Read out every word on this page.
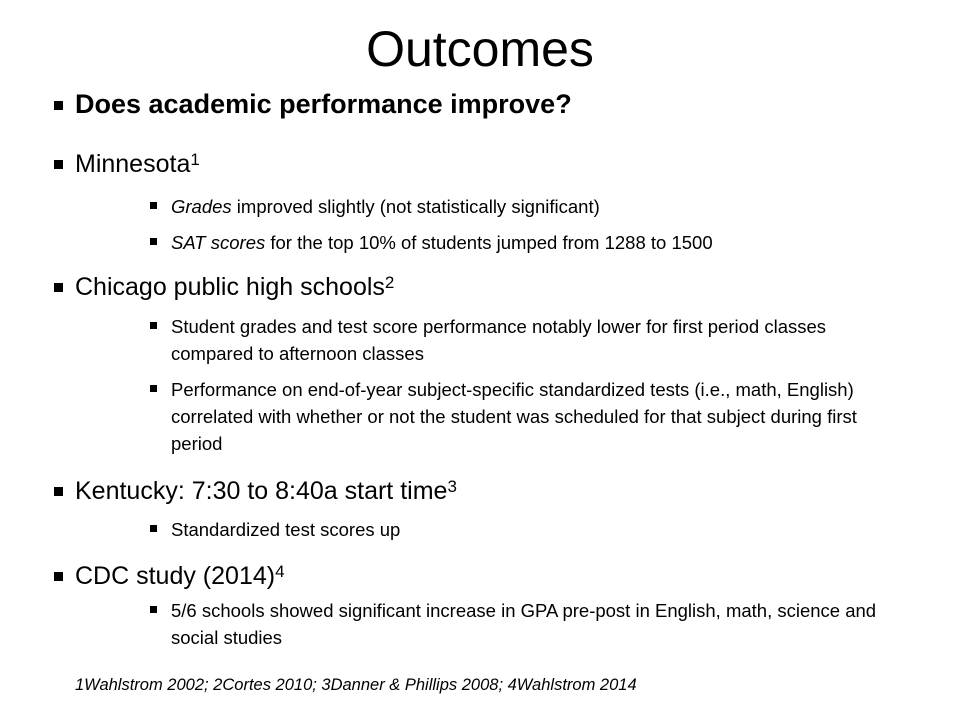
Outcomes
Does academic performance improve?
Minnesota$^1$
Grades improved slightly (not statistically significant)
SAT scores for the top 10% of students jumped from 1288 to 1500
Chicago public high schools$^2$
Student grades and test score performance notably lower for first period classes compared to afternoon classes
Performance on end-of-year subject-specific standardized tests (i.e., math, English) correlated with whether or not the student was scheduled for that subject during first period
Kentucky: 7:30 to 8:40a start time$^3$
Standardized test scores up
CDC study $(2014)^4$
5/6 schools showed significant increase in GPA pre-post in English, math, science and social studies
1Wahlstrom 2002; 2Cortes 2010; 3Danner & Phillips 2008; 4Wahlstrom 2014
